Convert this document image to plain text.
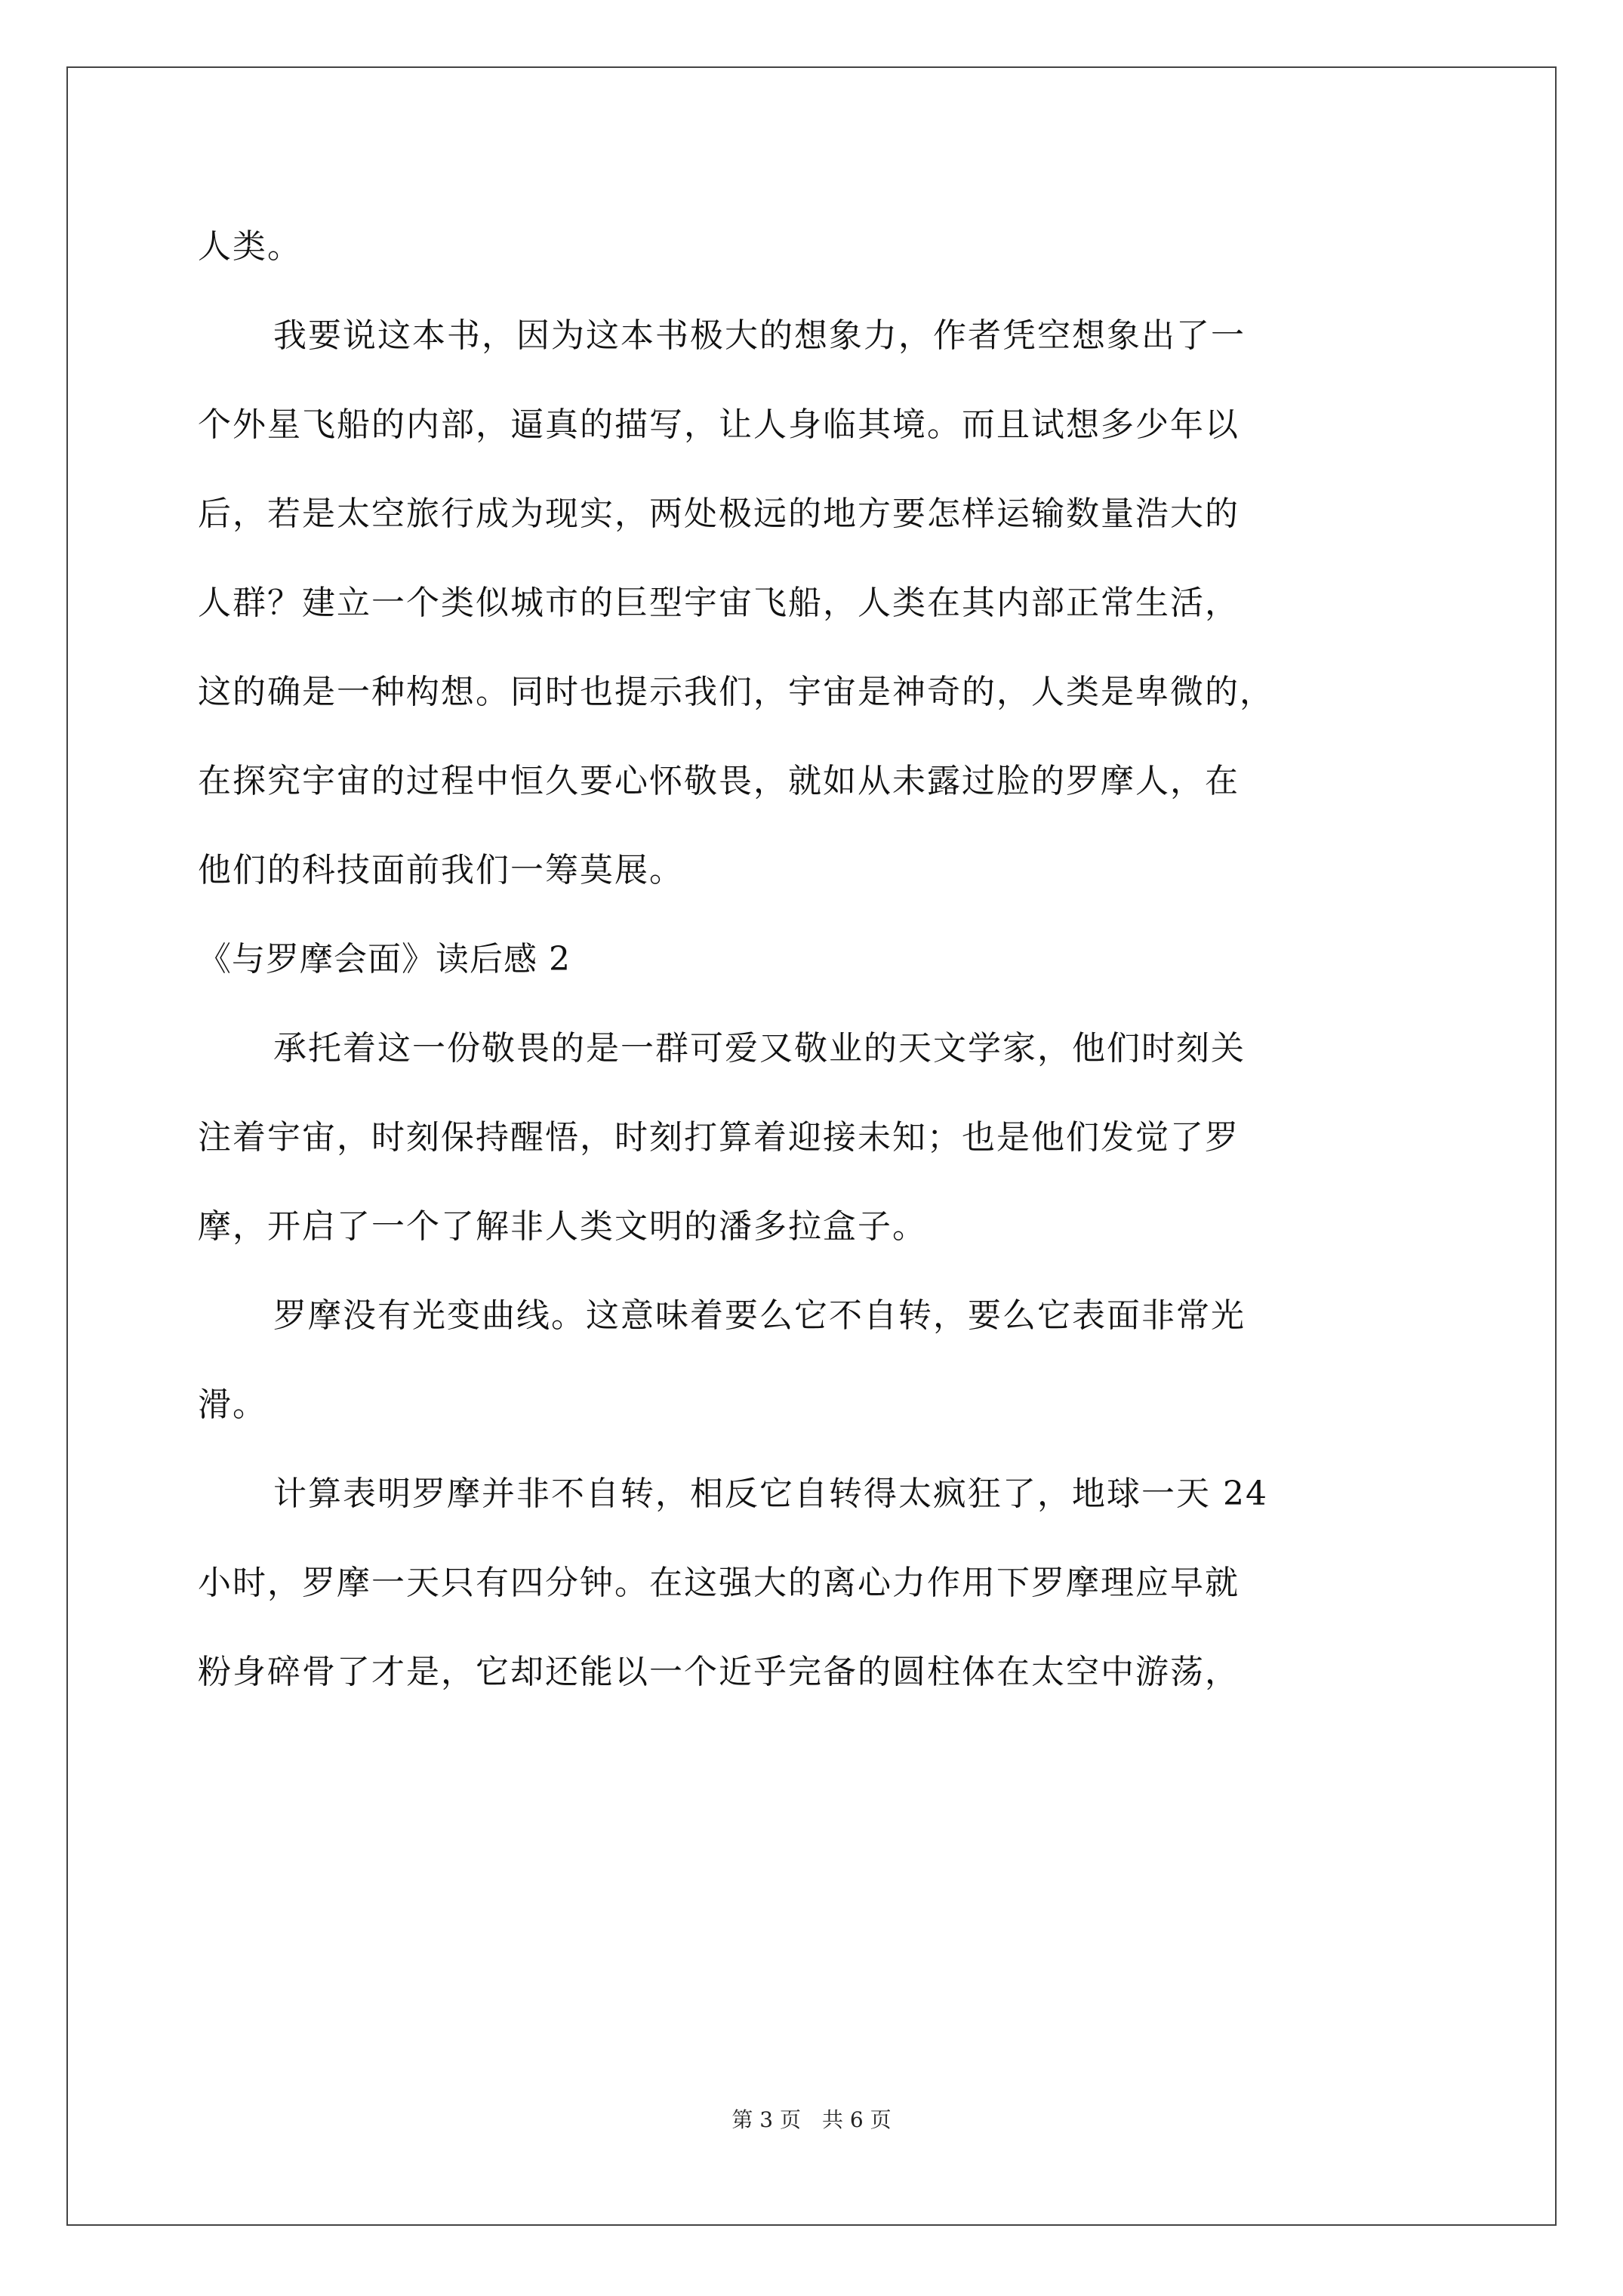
人类。
我要说这本书，因为这本书极大的想象力，作者凭空想象出了一
个外星飞船的内部，逼真的描写，让人身临其境。而且试想多少年以
后，若是太空旅行成为现实，两处极远的地方要怎样运输数量浩大的
人群？建立一个类似城市的巨型宇宙飞船，人类在其内部正常生活，
这的确是一种构想。同时也提示我们，宇宙是神奇的，人类是卑微的，
在探究宇宙的过程中恒久要心怀敬畏，就如从未露过脸的罗摩人，在
他们的科技面前我们一筹莫展。
《与罗摩会面》读后感 2
承托着这一份敬畏的是一群可爱又敬业的天文学家，他们时刻关
注着宇宙，时刻保持醒悟，时刻打算着迎接未知；也是他们发觉了罗
摩，开启了一个了解非人类文明的潘多拉盒子。
罗摩没有光变曲线。这意味着要么它不自转，要么它表面非常光
滑。
计算表明罗摩并非不自转，相反它自转得太疯狂了，地球一天 24
小时，罗摩一天只有四分钟。在这强大的离心力作用下罗摩理应早就
粉身碎骨了才是，它却还能以一个近乎完备的圆柱体在太空中游荡，
第 3 页　共 6 页
